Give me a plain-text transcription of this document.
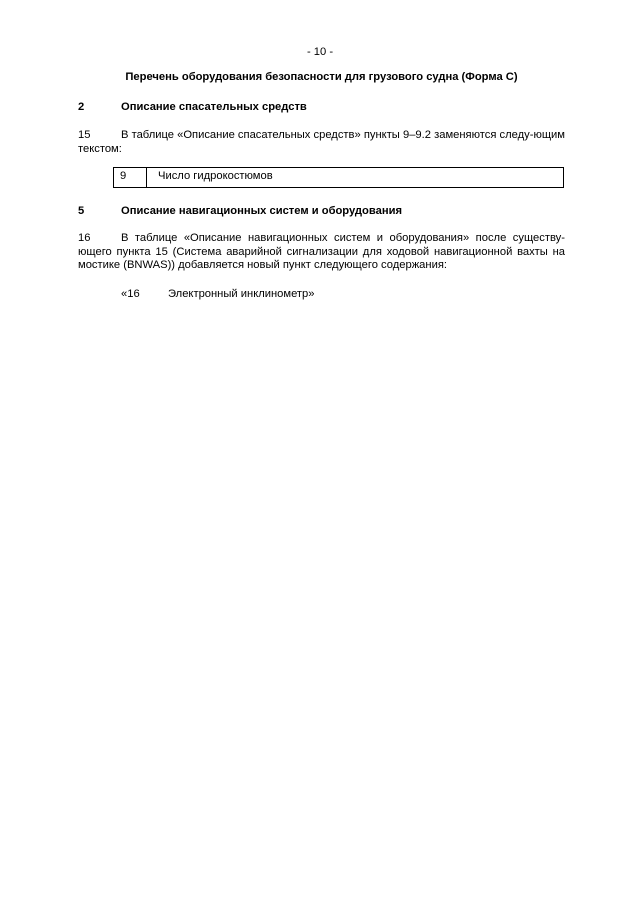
- 10 -
Перечень оборудования безопасности для грузового судна (Форма C)
2	Описание спасательных средств
15	В таблице «Описание спасательных средств» пункты 9–9.2 заменяются следу-ющим текстом:
9	Число гидрокостюмов
5	Описание навигационных систем и оборудования
16	В таблице «Описание навигационных систем и оборудования» после существу-ющего пункта 15 (Система аварийной сигнализации для ходовой навигационной вахты на мостике (BNWAS)) добавляется новый пункт следующего содержания:
«16	Электронный инклинометр»
